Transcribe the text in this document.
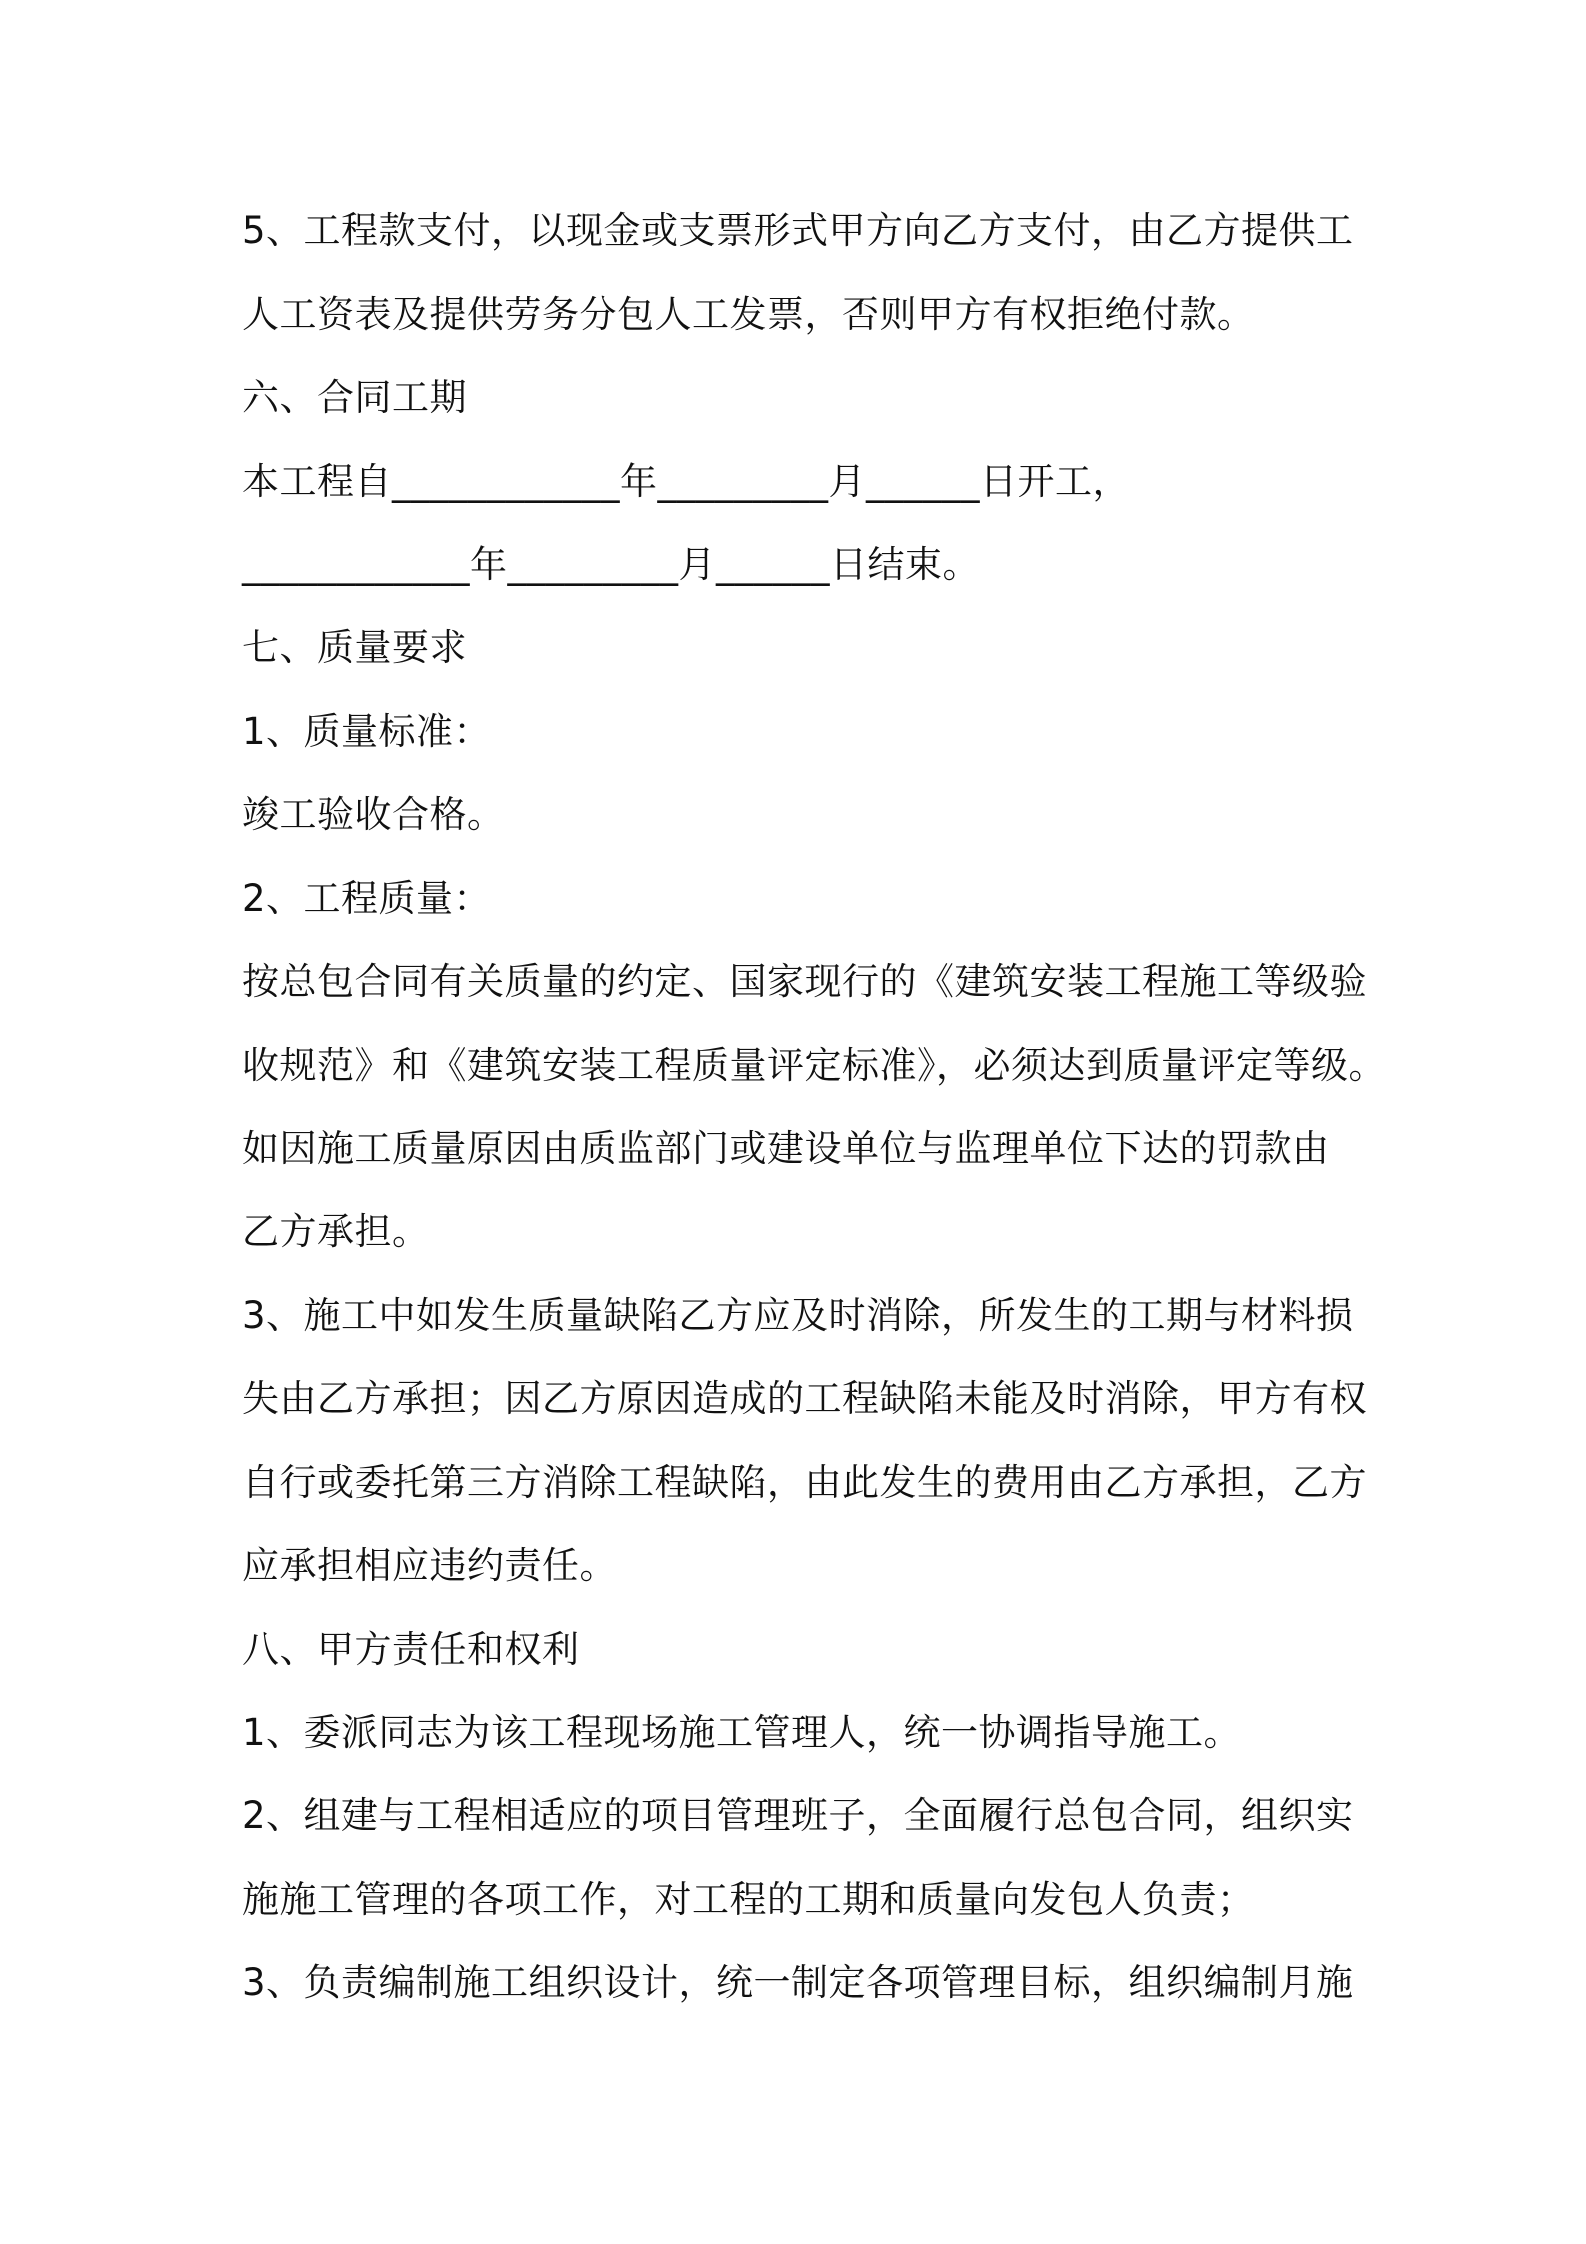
5、工程款支付，以现金或支票形式甲方向乙方支付，由乙方提供工
人工资表及提供劳务分包人工发票，否则甲方有权拒绝付款。
六、合同工期
本工程自____________年_________月______日开工，
____________年_________月______日结束。
七、质量要求
1、质量标准：
竣工验收合格。
2、工程质量：
按总包合同有关质量的约定、国家现行的《建筑安装工程施工等级验
收规范》和《建筑安装工程质量评定标准》，必须达到质量评定等级。
如因施工质量原因由质监部门或建设单位与监理单位下达的罚款由
乙方承担。
3、施工中如发生质量缺陷乙方应及时消除，所发生的工期与材料损
失由乙方承担；因乙方原因造成的工程缺陷未能及时消除，甲方有权
自行或委托第三方消除工程缺陷，由此发生的费用由乙方承担，乙方
应承担相应违约责任。
八、甲方责任和权利
1、委派同志为该工程现场施工管理人，统一协调指导施工。
2、组建与工程相适应的项目管理班子，全面履行总包合同，组织实
施施工管理的各项工作，对工程的工期和质量向发包人负责；
3、负责编制施工组织设计，统一制定各项管理目标，组织编制月施
